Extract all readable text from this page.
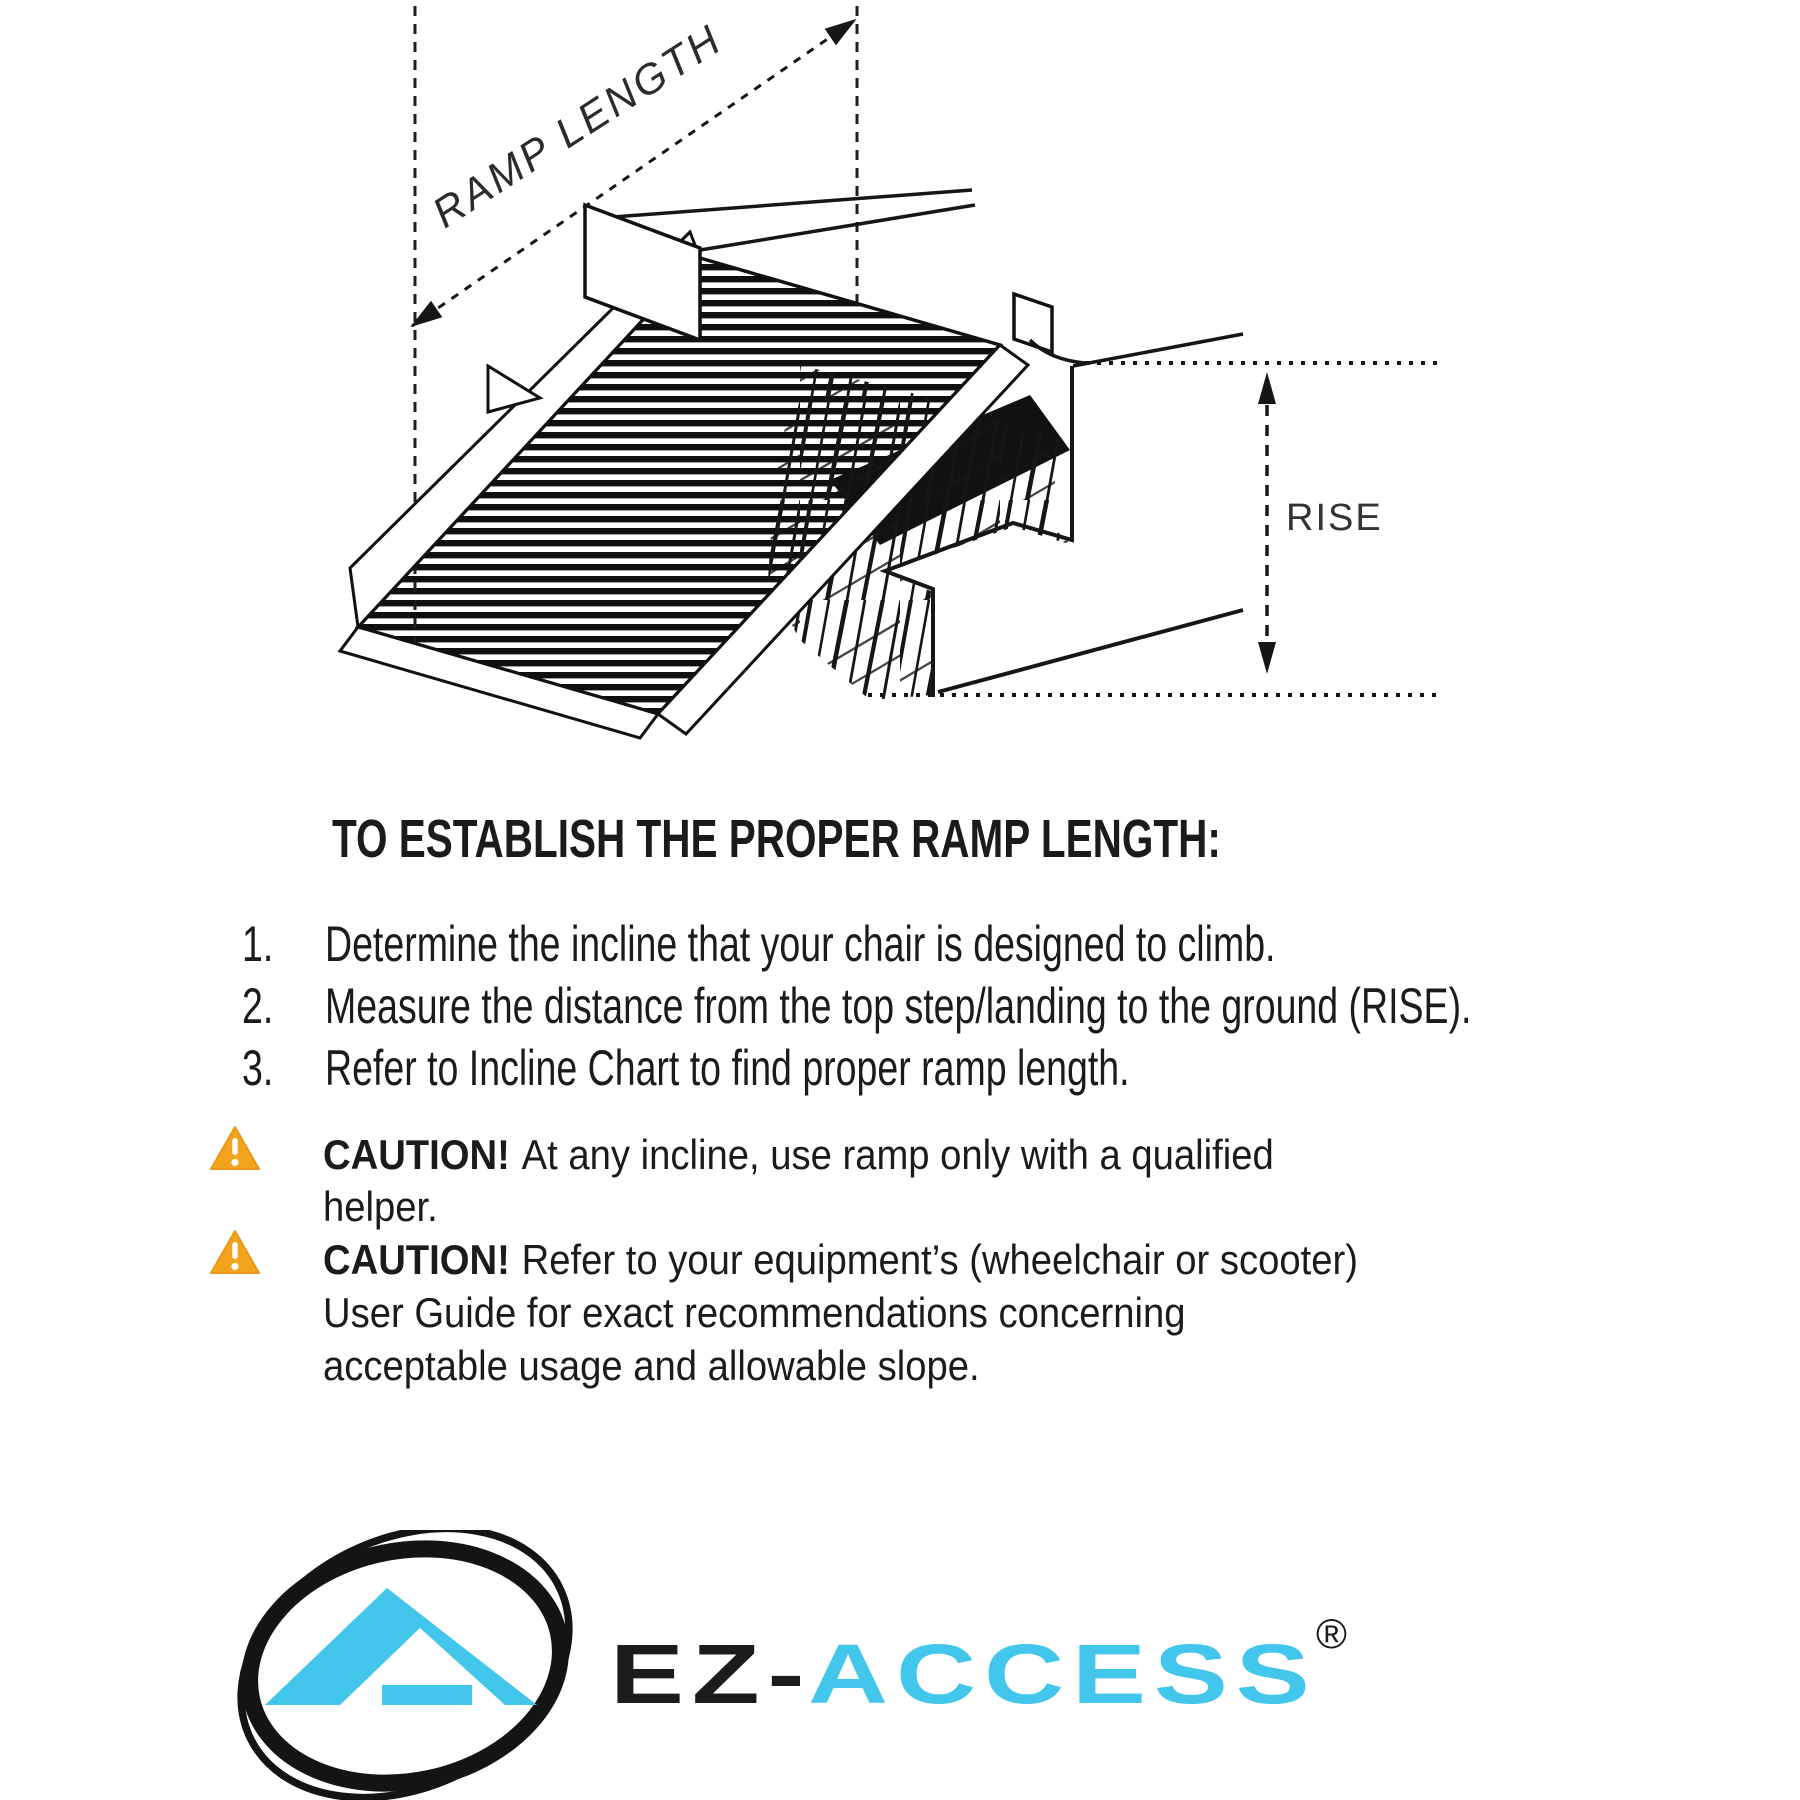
RISE
RAMP LENGTH
TO ESTABLISH THE PROPER RAMP LENGTH:
1. Determine the incline that your chair is designed to climb.
2. Measure the distance from the top step/landing to the ground (RISE).
3. Refer to Incline Chart to find proper ramp length.
CAUTION! At any incline, use ramp only with a qualified
helper.
CAUTION! Refer to your equipment’s (wheelchair or scooter)
User Guide for exact recommendations concerning
acceptable usage and allowable slope.
EZ-
ACCESS
®
